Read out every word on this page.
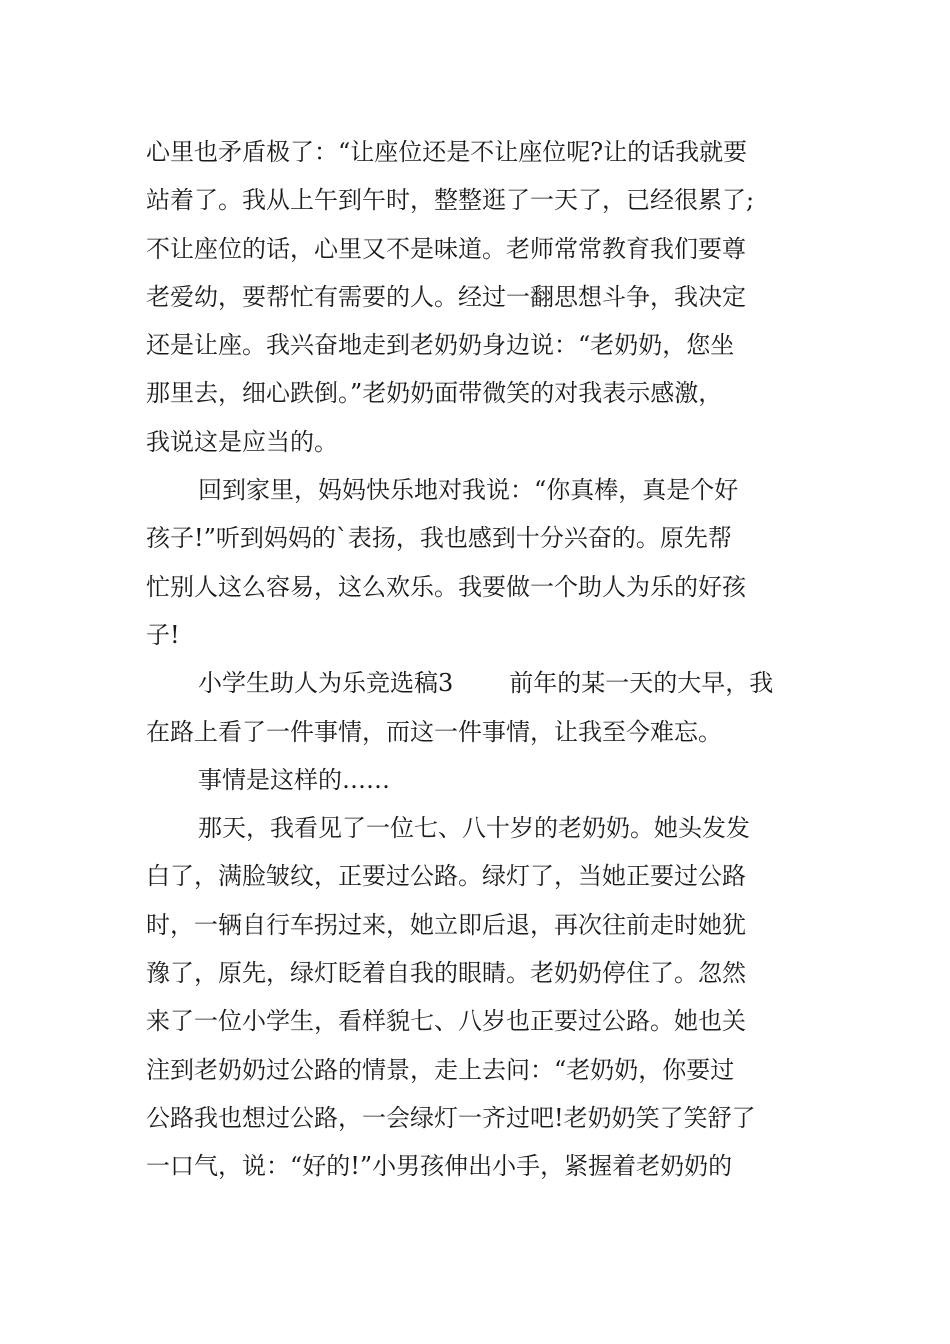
心里也矛盾极了：“让座位还是不让座位呢?让的话我就要
站着了。我从上午到午时，整整逛了一天了，已经很累了;
不让座位的话，心里又不是味道。老师常常教育我们要尊
老爱幼，要帮忙有需要的人。经过一翻思想斗争，我决定
还是让座。我兴奋地走到老奶奶身边说：“老奶奶，您坐
那里去，细心跌倒。”老奶奶面带微笑的对我表示感激，
我说这是应当的。
回到家里，妈妈快乐地对我说：“你真棒，真是个好
孩子!”听到妈妈的`表扬，我也感到十分兴奋的。原先帮
忙别人这么容易，这么欢乐。我要做一个助人为乐的好孩
子!
小学生助人为乐竞选稿3 前年的某一天的大早，我
在路上看了一件事情，而这一件事情，让我至今难忘。
事情是这样的……
那天，我看见了一位七、八十岁的老奶奶。她头发发
白了，满脸皱纹，正要过公路。绿灯了，当她正要过公路
时，一辆自行车拐过来，她立即后退，再次往前走时她犹
豫了，原先，绿灯眨着自我的眼睛。老奶奶停住了。忽然
来了一位小学生，看样貌七、八岁也正要过公路。她也关
注到老奶奶过公路的情景，走上去问：“老奶奶，你要过
公路我也想过公路，一会绿灯一齐过吧!老奶奶笑了笑舒了
一口气，说：“好的!”小男孩伸出小手，紧握着老奶奶的
